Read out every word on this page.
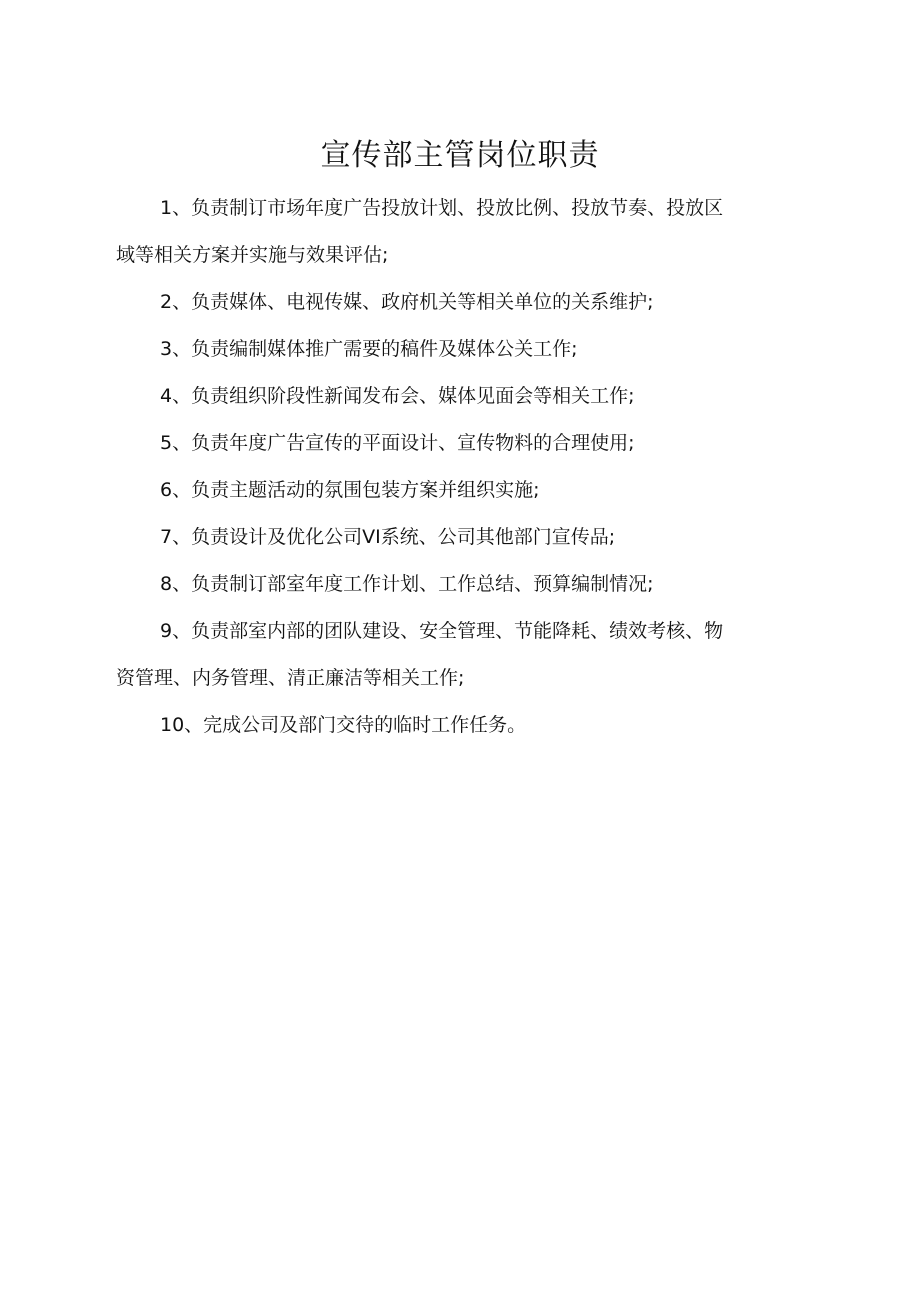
宣传部主管岗位职责

1、负责制订市场年度广告投放计划、投放比例、投放节奏、投放区
域等相关方案并实施与效果评估;

2、负责媒体、电视传媒、政府机关等相关单位的关系维护;

3、负责编制媒体推广需要的稿件及媒体公关工作;

4、负责组织阶段性新闻发布会、媒体见面会等相关工作;

5、负责年度广告宣传的平面设计、宣传物料的合理使用;

6、负责主题活动的氛围包装方案并组织实施;

7、负责设计及优化公司VI系统、公司其他部门宣传品;

8、负责制订部室年度工作计划、工作总结、预算编制情况;

9、负责部室内部的团队建设、安全管理、节能降耗、绩效考核、物
资管理、内务管理、清正廉洁等相关工作;

10、完成公司及部门交待的临时工作任务。
